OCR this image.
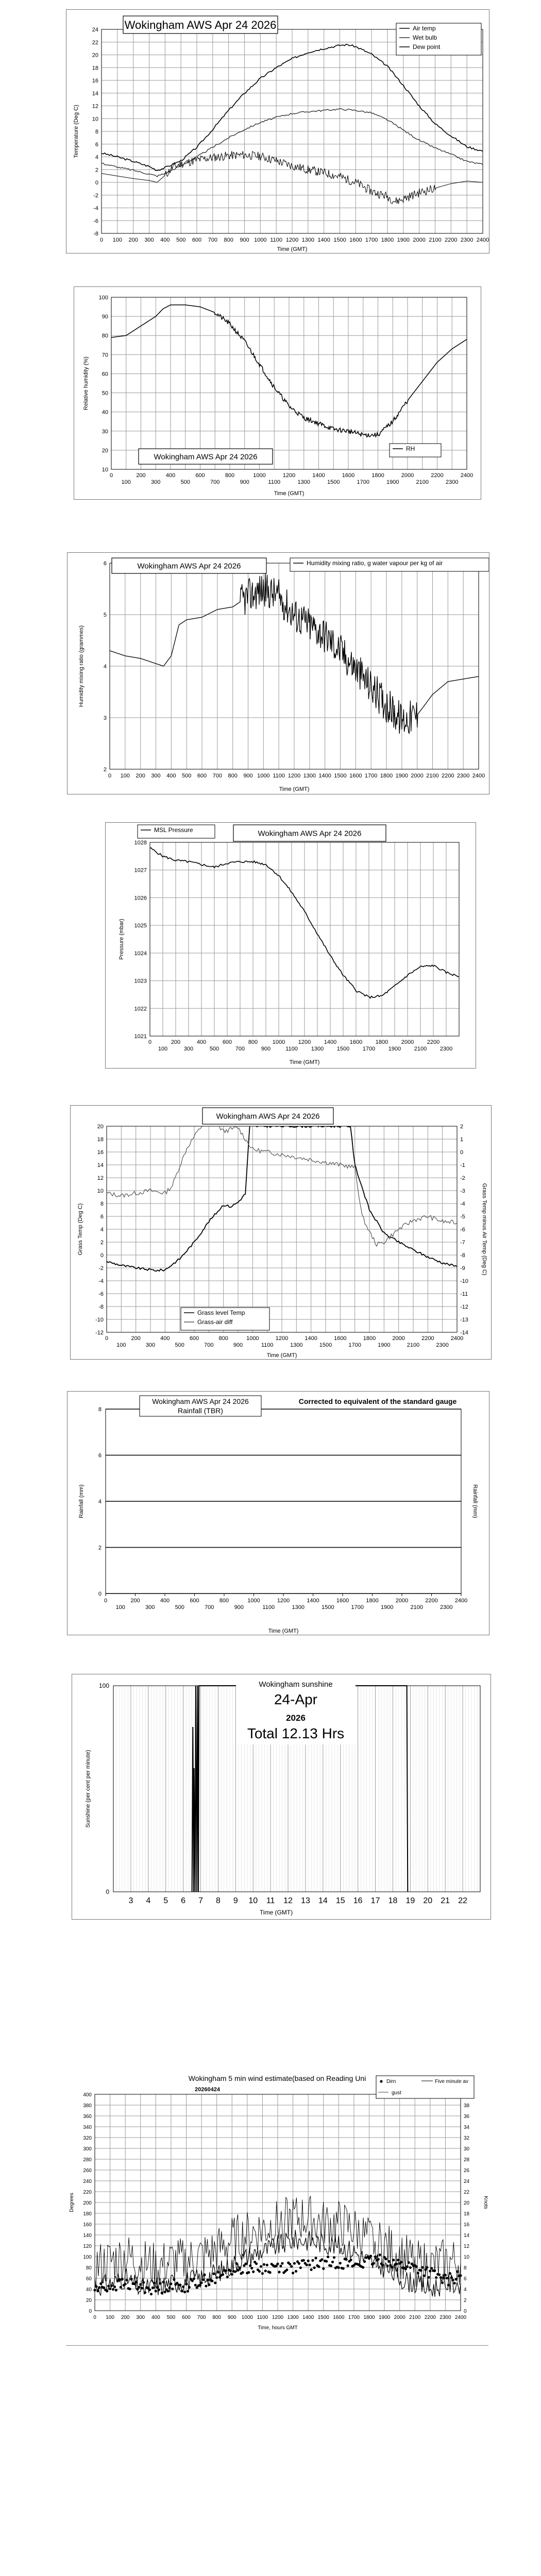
24
22
20
18
16
14
12
10
8
6
4
2
0
-2
-4
-6
-8
0 100 200 300 400 500 600 700 800 900 1000 1100 1200 1300 1400 1500 1600 1700 1800 1900 2000 2100 2200 2300 2400
Time (GMT)
Temperature (Deg C)
Wokingham AWS Apr 24 2026	Air temp
Wet bulb
Dew point
100
90
80
70
60
50
40
30
20
10
0	200	400	600	800	1000	1200	1400	1600	1800	2000	2200	2400
100	300	500	700	900	1100	1300	1500	1700	1900	2100	2300
Time (GMT)
Relative humidity (%)
Wokingham AWS Apr 24 2026
RH
6
5
4
3
2
0 100 200 300 400 500 600 700 800 900 1000 1100 1200 1300 1400 1500 1600 1700 1800 1900 2000 2100 2200 2300 2400
Time (GMT)
Humidity mixing ratio (grammes)
Wokingham AWS Apr 24 2026	Humidity mixing ratio, g water vapour per kg of air
1028
1027
1026
1025
1024
1023
1022
1021
0	200	400	600	800	1000 1200 1400 1600 1800 2000 2200
100	300	500	700	900	1100 1300 1500 1700 1900 2100 2300
Time (GMT)
Pressure (mbar)
MSL Pressure	Wokingham AWS Apr 24 2026
20
18
16
14
12
10
8
6
4
2
0
-2
-4
-6
-8
-10
-12
2
1
0
-1
-2
-3
-4
-5
-6
-7
-8
-9
-10
-11
-12
-13
-14
0	200	400	600	800	1000	1200	1400	1600	1800	2000	2200	2400
100	300	500	700	900	1100	1300	1500	1700	1900	2100	2300
Time (GMT)
Grass Temp (Deg C)	Grass Temp minus Air Temp (Deg C)
Wokingham AWS Apr 24 2026
Grass level Temp
Grass-air diff
8
6
4
2
0
0	200	400	600	800	1000	1200	1400	1600	1800	2000	2200	2400
100	300	500	700	900	1100	1300	1500	1700	1900	2100	2300
Time (GMT)
Rainfall (mm)	Rainfall (mm)
Wokingham AWS Apr 24 2026
Rainfall (TBR)
Corrected to equivalent of the standard gauge
100
0
3 4 5 6 7 8 9 10 11 12 13 14 15 16 17 18 19 20 21 22
Time (GMT)
Sunshine (per cent per minute)
Wokingham sunshine
24-Apr
2026
Total 12.13 Hrs
400
380
360
340
320
300
280
260
240
220
200
180
160
140
120
100
80
60
40
20
0
38
36
34
32
30
28
26
24
22
20
18
16
14
12
10
8
6
4
2
0
0 100 200 300 400 500 600 700 800 900 1000 1100 1200 1300 1400 1500 1600 1700 1800 1900 2000 2100 2200 2300 2400
Time, hours GMT
Degrees	Knots
Wokingham 5 min wind estimate(based on Reading Uni
20260424
Dirn	Five minute av
gust
